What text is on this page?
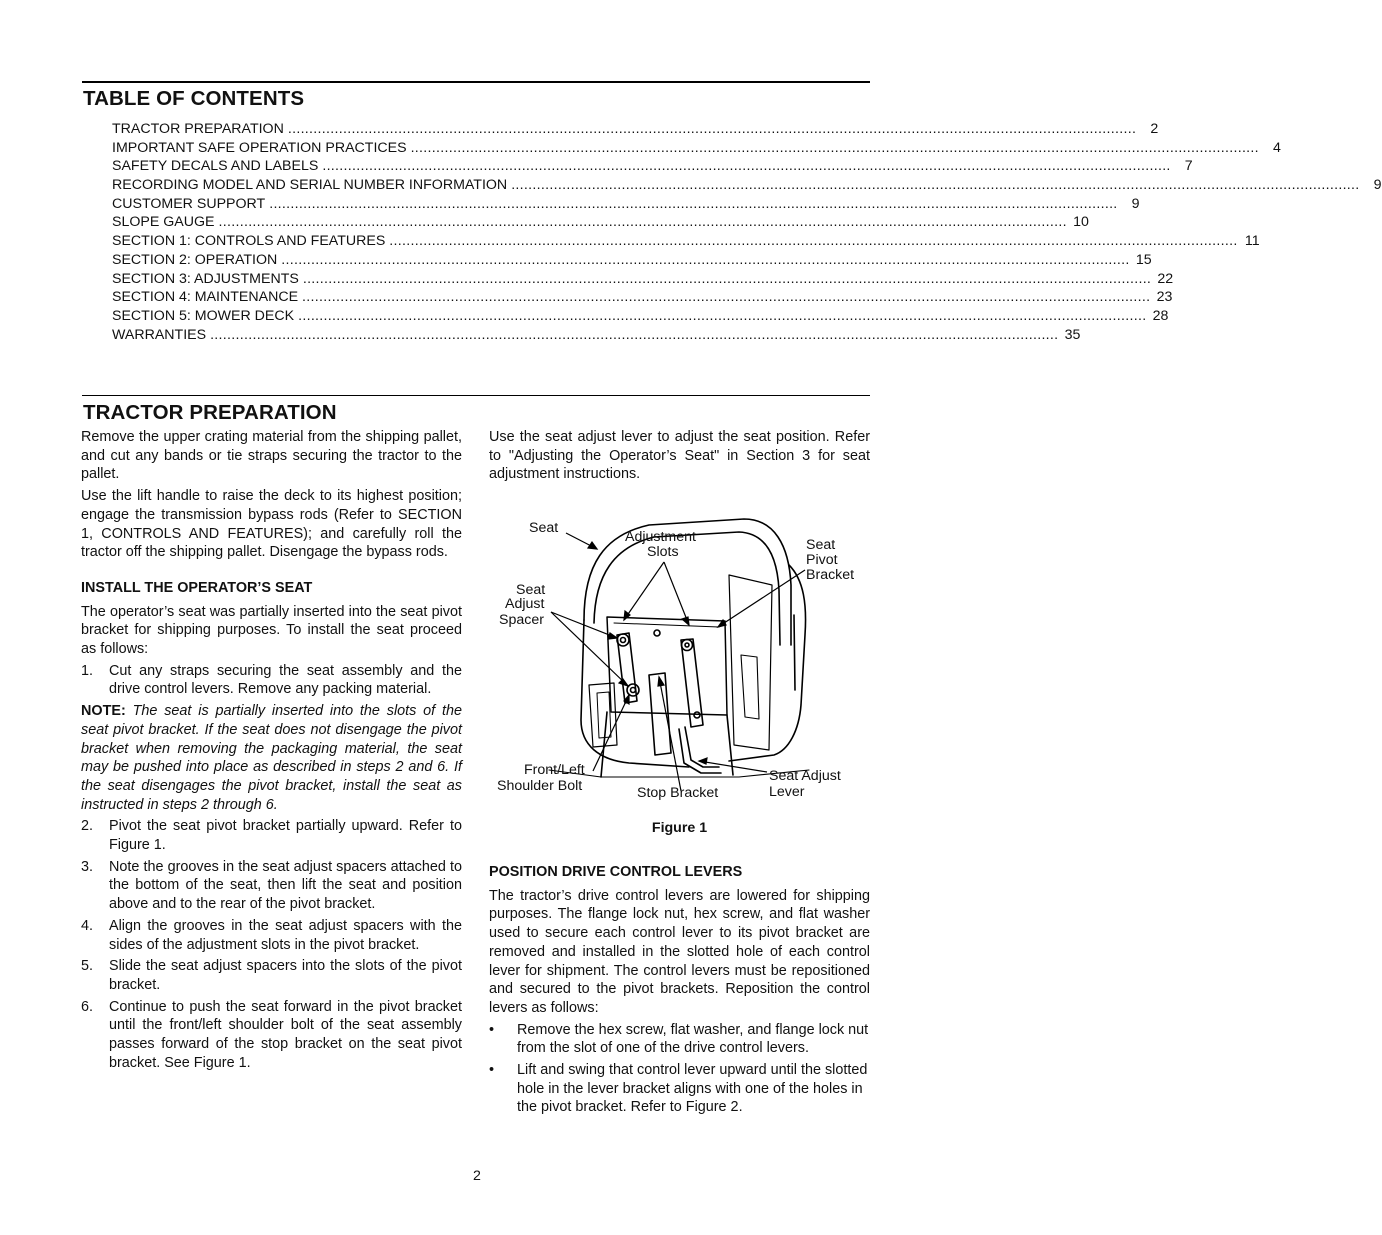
TABLE OF CONTENTS
TRACTOR PREPARATION ........................................................................................................................................................................................................ 2
IMPORTANT SAFE OPERATION PRACTICES ........................................................................................................................................................................................................ 4
SAFETY DECALS AND LABELS ........................................................................................................................................................................................................ 7
RECORDING MODEL AND SERIAL NUMBER INFORMATION ........................................................................................................................................................................................................ 9
CUSTOMER SUPPORT ........................................................................................................................................................................................................ 9
SLOPE GAUGE ........................................................................................................................................................................................................ 10
SECTION 1: CONTROLS AND FEATURES ........................................................................................................................................................................................................ 11
SECTION 2: OPERATION ........................................................................................................................................................................................................ 15
SECTION 3: ADJUSTMENTS ........................................................................................................................................................................................................ 22
SECTION 4: MAINTENANCE ........................................................................................................................................................................................................ 23
SECTION 5: MOWER DECK ........................................................................................................................................................................................................ 28
WARRANTIES ........................................................................................................................................................................................................ 35
TRACTOR PREPARATION

Remove the upper crating material from the shipping pallet, and cut any bands or tie straps securing the tractor to the pallet.

Use the lift handle to raise the deck to its highest position; engage the transmission bypass rods (Refer to SECTION 1, CONTROLS AND FEATURES); and carefully roll the tractor off the shipping pallet. Disengage the bypass rods.

INSTALL THE OPERATOR’S SEAT

The operator’s seat was partially inserted into the seat pivot bracket for shipping purposes. To install the seat proceed as follows:

1. Cut any straps securing the seat assembly and the drive control levers. Remove any packing material.

NOTE: The seat is partially inserted into the slots of the seat pivot bracket. If the seat does not disengage the pivot bracket when removing the packaging material, the seat may be pushed into place as described in steps 2 and 6. If the seat disengages the pivot bracket, install the seat as instructed in steps 2 through 6.

2. Pivot the seat pivot bracket partially upward. Refer to Figure 1.
3. Note the grooves in the seat adjust spacers attached to the bottom of the seat, then lift the seat and position above and to the rear of the pivot bracket.
4. Align the grooves in the seat adjust spacers with the sides of the adjustment slots in the pivot bracket.
5. Slide the seat adjust spacers into the slots of the pivot bracket.
6. Continue to push the seat forward in the pivot bracket until the front/left shoulder bolt of the seat assembly passes forward of the stop bracket on the seat pivot bracket. See Figure 1.

Use the seat adjust lever to adjust the seat position. Refer to "Adjusting the Operator’s Seat" in Section 3 for seat adjustment instructions.

Seat
Adjustment
Slots	Seat
Pivot
Bracket
Seat
Adjust
Spacer
Front/Left
Shoulder Bolt	Stop Bracket
Seat Adjust
Lever
Figure 1

POSITION DRIVE CONTROL LEVERS

The tractor’s drive control levers are lowered for shipping purposes. The flange lock nut, hex screw, and flat washer used to secure each control lever to its pivot bracket are removed and installed in the slotted hole of each control lever for shipment. The control levers must be repositioned and secured to the pivot brackets. Reposition the control levers as follows:

• Remove the hex screw, flat washer, and flange lock nut from the slot of one of the drive control levers.
• Lift and swing that control lever upward until the slotted hole in the lever bracket aligns with one of the holes in the pivot bracket. Refer to Figure 2.
2
